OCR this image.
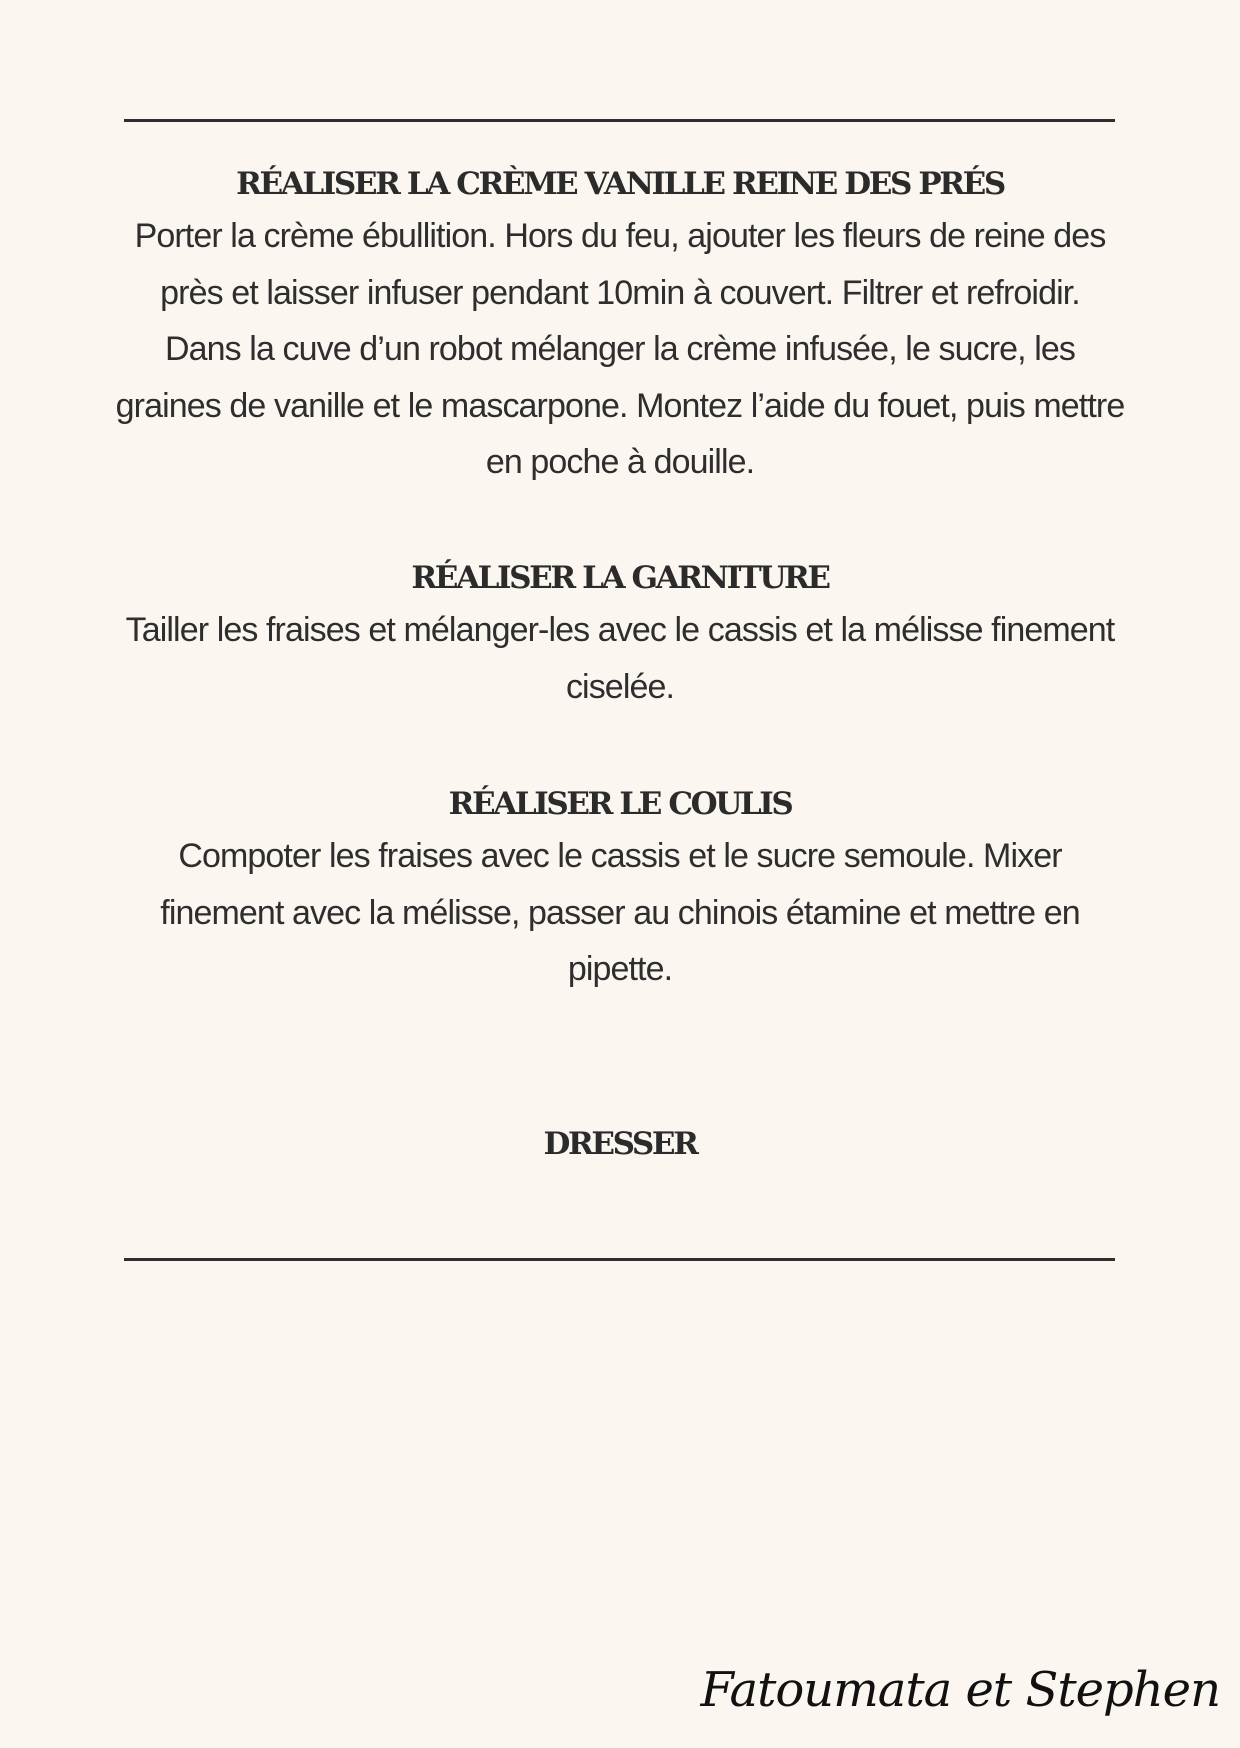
RÉALISER LA CRÈME VANILLE REINE DES PRÉS

Porter la crème ébullition. Hors du feu, ajouter les fleurs de reine des
près et laisser infuser pendant 10min à couvert. Filtrer et refroidir.
Dans la cuve d’un robot mélanger la crème infusée, le sucre, les
graines de vanille et le mascarpone. Montez l’aide du fouet, puis mettre
en poche à douille.

RÉALISER LA GARNITURE

Tailler les fraises et mélanger-les avec le cassis et la mélisse finement
ciselée.

RÉALISER LE COULIS

Compoter les fraises avec le cassis et le sucre semoule. Mixer
finement avec la mélisse, passer au chinois étamine et mettre en
pipette.

DRESSER
Fatoumata et Stephen
